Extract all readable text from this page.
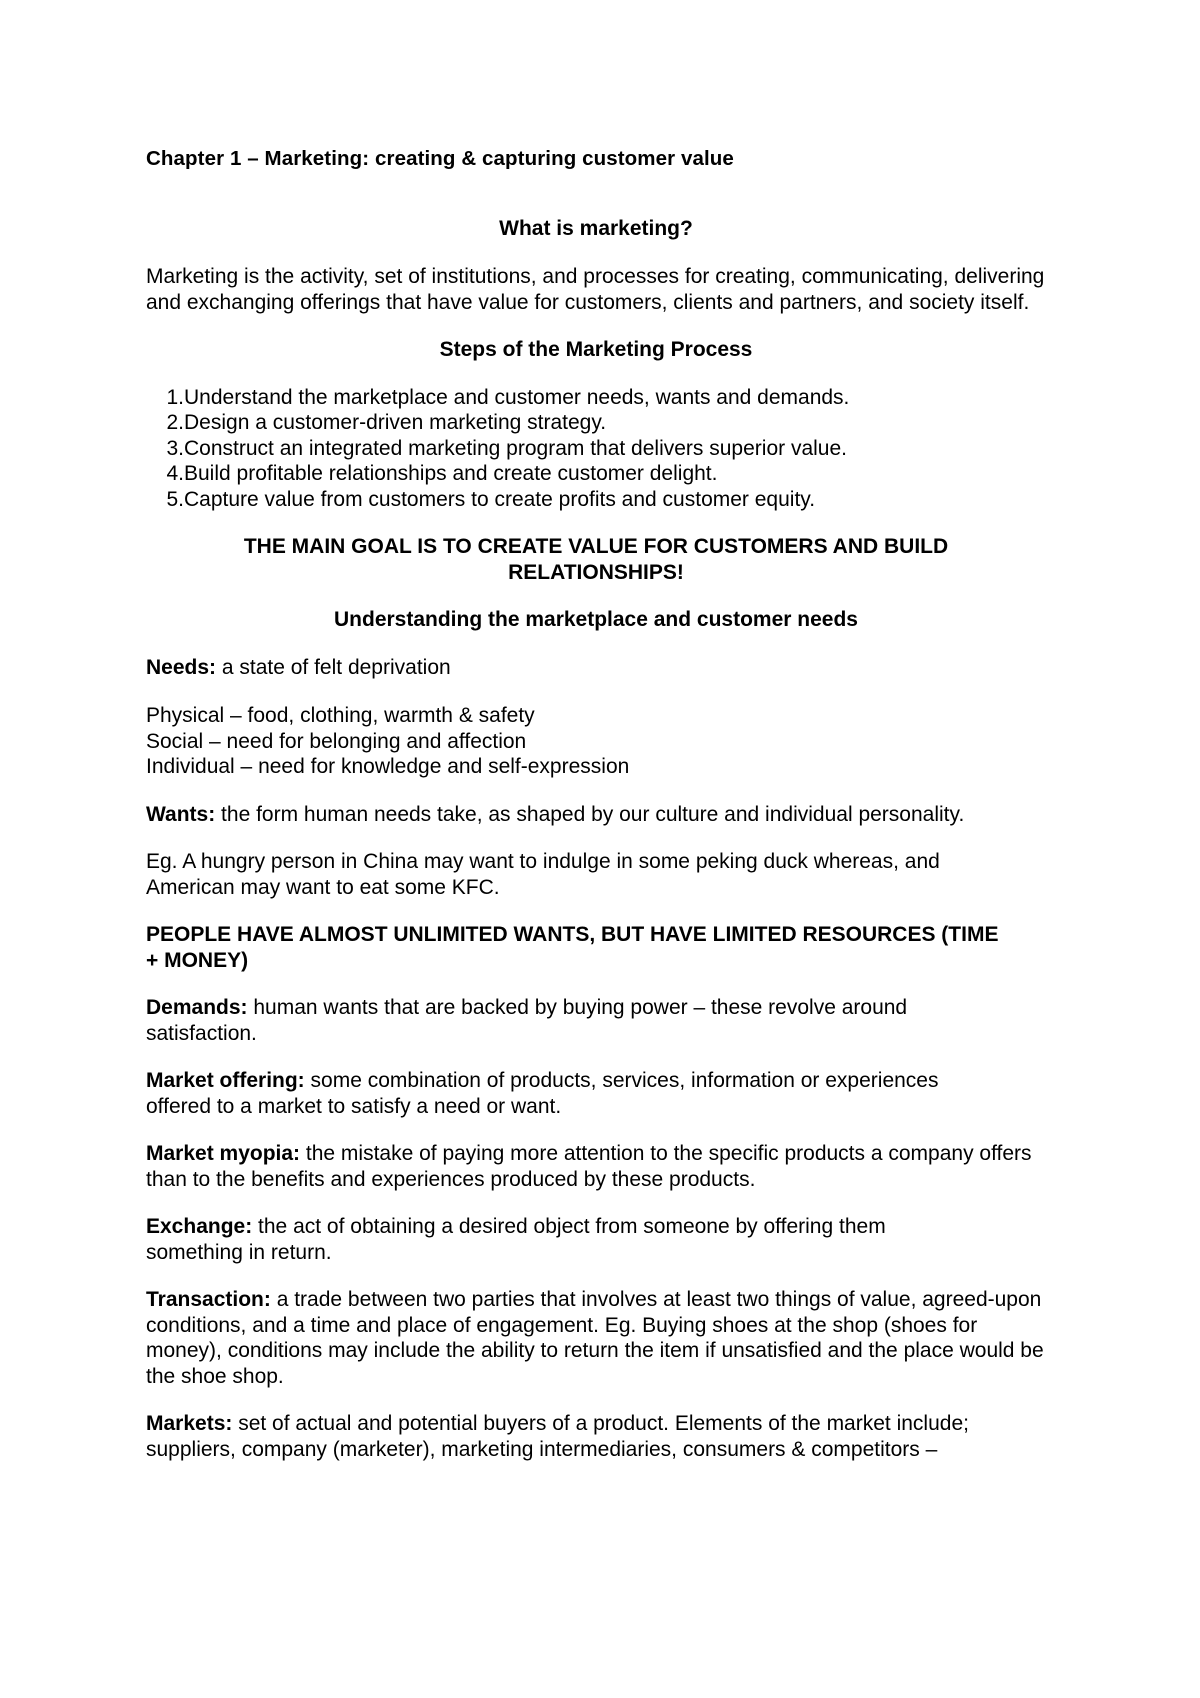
Chapter 1 – Marketing: creating & capturing customer value

What is marketing?

Marketing is the activity, set of institutions, and processes for creating, communicating, delivering and exchanging offerings that have value for customers, clients and partners, and society itself.

Steps of the Marketing Process

1. Understand the marketplace and customer needs, wants and demands.
2. Design a customer-driven marketing strategy.
3. Construct an integrated marketing program that delivers superior value.
4. Build profitable relationships and create customer delight.
5. Capture value from customers to create profits and customer equity.

THE MAIN GOAL IS TO CREATE VALUE FOR CUSTOMERS AND BUILD RELATIONSHIPS!

Understanding the marketplace and customer needs

Needs: a state of felt deprivation

Physical – food, clothing, warmth & safety

Social – need for belonging and affection

Individual – need for knowledge and self-expression

Wants: the form human needs take, as shaped by our culture and individual personality.

Eg. A hungry person in China may want to indulge in some peking duck whereas, and American may want to eat some KFC.

PEOPLE HAVE ALMOST UNLIMITED WANTS, BUT HAVE LIMITED RESOURCES (TIME + MONEY)

Demands: human wants that are backed by buying power – these revolve around satisfaction.

Market offering: some combination of products, services, information or experiences offered to a market to satisfy a need or want.

Market myopia: the mistake of paying more attention to the specific products a company offers than to the benefits and experiences produced by these products.

Exchange: the act of obtaining a desired object from someone by offering them something in return.

Transaction: a trade between two parties that involves at least two things of value, agreed-upon conditions, and a time and place of engagement. Eg. Buying shoes at the shop (shoes for money), conditions may include the ability to return the item if unsatisfied and the place would be the shoe shop.

Markets: set of actual and potential buyers of a product. Elements of the market include; suppliers, company (marketer), marketing intermediaries, consumers & competitors –
